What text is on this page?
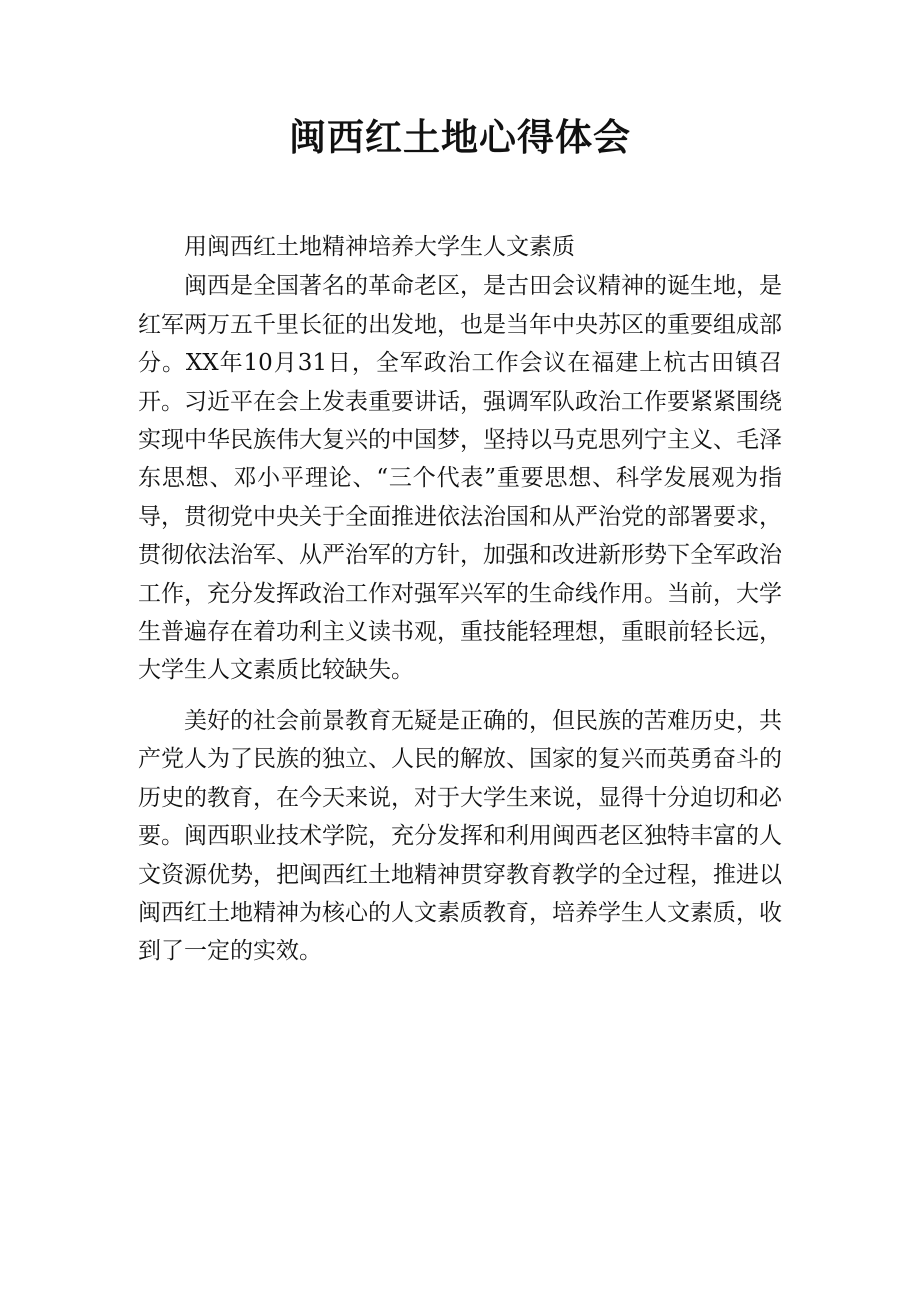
闽西红土地心得体会

用闽西红土地精神培养大学生人文素质

闽西是全国著名的革命老区，是古田会议精神的诞生地，是红军两万五千里长征的出发地，也是当年中央苏区的重要组成部分。XX年10月31日，全军政治工作会议在福建上杭古田镇召开。习近平在会上发表重要讲话，强调军队政治工作要紧紧围绕实现中华民族伟大复兴的中国梦，坚持以马克思列宁主义、毛泽东思想、邓小平理论、“三个代表”重要思想、科学发展观为指导，贯彻党中央关于全面推进依法治国和从严治党的部署要求，贯彻依法治军、从严治军的方针，加强和改进新形势下全军政治工作，充分发挥政治工作对强军兴军的生命线作用。当前，大学生普遍存在着功利主义读书观，重技能轻理想，重眼前轻长远，大学生人文素质比较缺失。

美好的社会前景教育无疑是正确的，但民族的苦难历史，共产党人为了民族的独立、人民的解放、国家的复兴而英勇奋斗的历史的教育，在今天来说，对于大学生来说，显得十分迫切和必要。闽西职业技术学院，充分发挥和利用闽西老区独特丰富的人文资源优势，把闽西红土地精神贯穿教育教学的全过程，推进以闽西红土地精神为核心的人文素质教育，培养学生人文素质，收到了一定的实效。
